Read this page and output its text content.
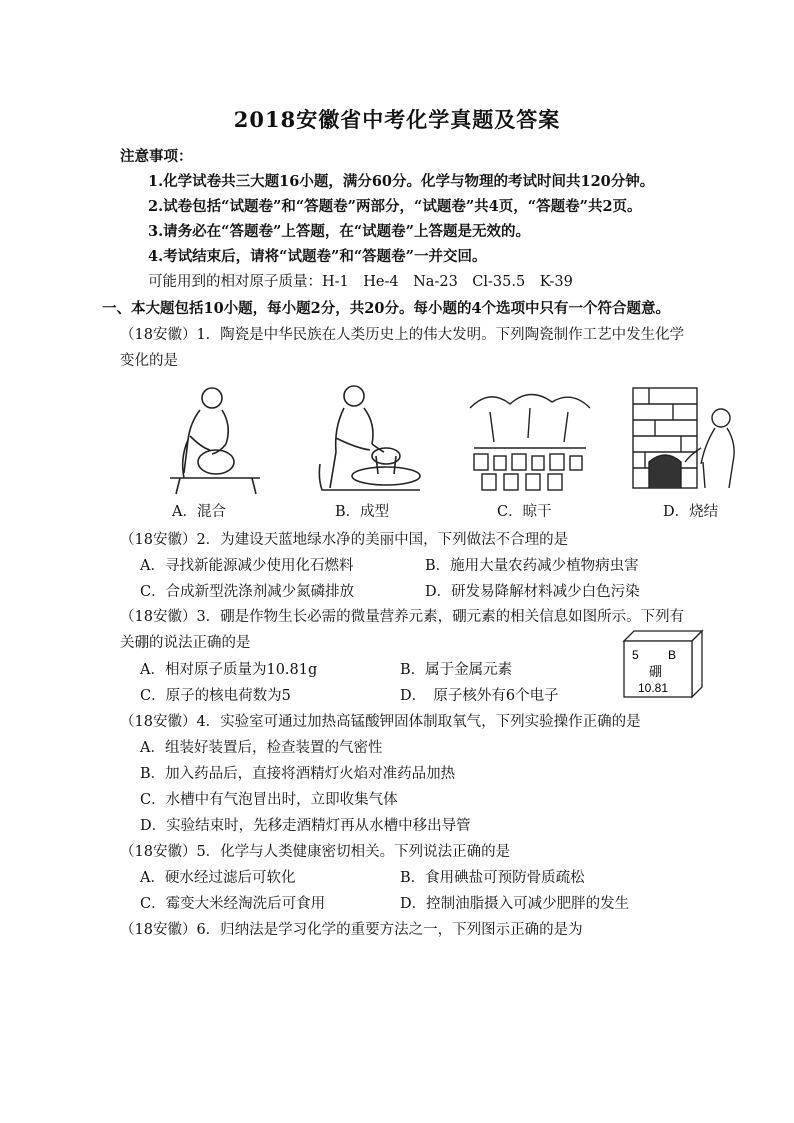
2018安徽省中考化学真题及答案
注意事项：
1.化学试卷共三大题16小题，满分60分。化学与物理的考试时间共120分钟。
2.试卷包括“试题卷”和“答题卷”两部分，“试题卷”共4页，“答题卷”共2页。
3.请务必在“答题卷”上答题，在“试题卷”上答题是无效的。
4.考试结束后，请将“试题卷”和“答题卷”一并交回。
可能用到的相对原子质量：H-1　He-4　Na-23　Cl-35.5　K-39
一、本大题包括10小题，每小题2分，共20分。每小题的4个选项中只有一个符合题意。
（18安徽）1．陶瓷是中华民族在人类历史上的伟大发明。下列陶瓷制作工艺中发生化学
变化的是
A．混合	B．成型	C．晾干	D．烧结
（18安徽）2．为建设天蓝地绿水净的美丽中国，下列做法不合理的是
A．寻找新能源减少使用化石燃料	B．施用大量农药减少植物病虫害
C．合成新型洗涤剂减少氮磷排放	D．研发易降解材料减少白色污染
（18安徽）3．硼是作物生长必需的微量营养元素，硼元素的相关信息如图所示。下列有
关硼的说法正确的是
A．相对原子质量为10.81g	B．属于金属元素
C．原子的核电荷数为5	D．　原子核外有6个电子
5 B
硼
10.81
（18安徽）4．实验室可通过加热高锰酸钾固体制取氧气，下列实验操作正确的是
A．组装好装置后，检查装置的气密性
B．加入药品后，直接将酒精灯火焰对准药品加热
C．水槽中有气泡冒出时，立即收集气体
D．实验结束时，先移走酒精灯再从水槽中移出导管
（18安徽）5．化学与人类健康密切相关。下列说法正确的是
A．硬水经过滤后可软化	B．食用碘盐可预防骨质疏松
C．霉变大米经淘洗后可食用	D．控制油脂摄入可减少肥胖的发生
（18安徽）6．归纳法是学习化学的重要方法之一，下列图示正确的是为
